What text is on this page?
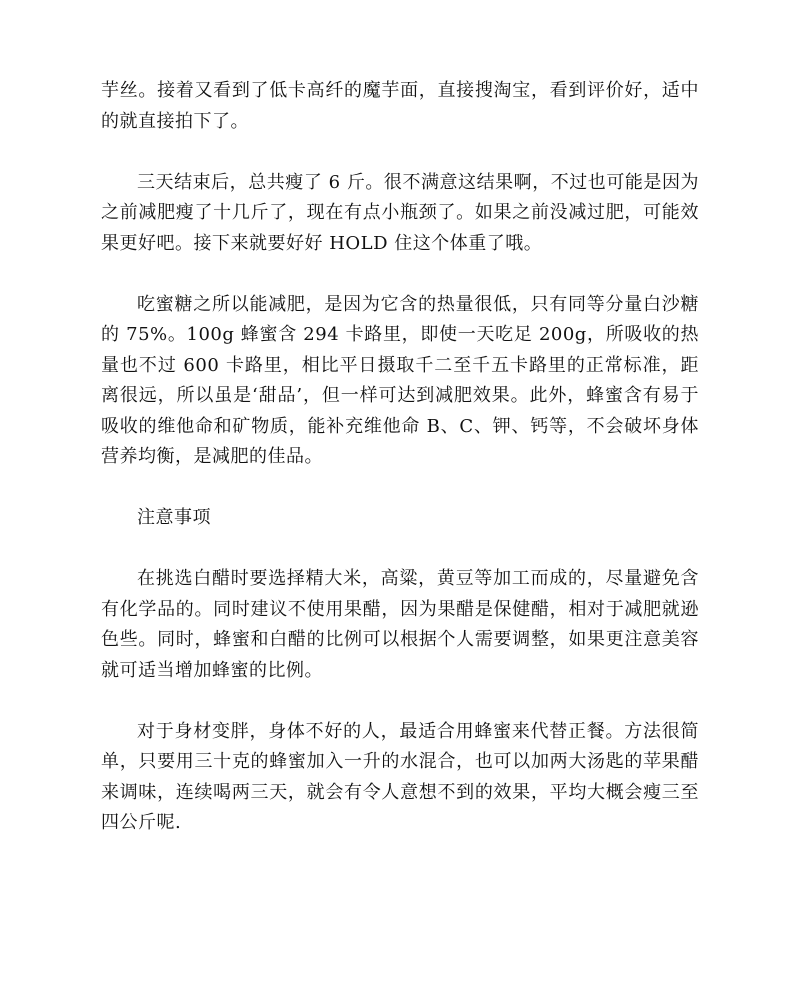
芋丝。接着又看到了低卡高纤的魔芋面，直接搜淘宝，看到评价好，适中的就直接拍下了。

三天结束后，总共瘦了 6 斤。很不满意这结果啊，不过也可能是因为之前减肥瘦了十几斤了，现在有点小瓶颈了。如果之前没减过肥，可能效果更好吧。接下来就要好好 HOLD 住这个体重了哦。

吃蜜糖之所以能减肥，是因为它含的热量很低，只有同等分量白沙糖的 75%。100g 蜂蜜含 294 卡路里，即使一天吃足 200g，所吸收的热量也不过 600 卡路里，相比平日摄取千二至千五卡路里的正常标准，距离很远，所以虽是‘甜品’，但一样可达到减肥效果。此外，蜂蜜含有易于吸收的维他命和矿物质，能补充维他命 B、C、钾、钙等，不会破坏身体营养均衡，是减肥的佳品。

注意事项

在挑选白醋时要选择精大米，高粱，黄豆等加工而成的，尽量避免含有化学品的。同时建议不使用果醋，因为果醋是保健醋，相对于减肥就逊色些。同时，蜂蜜和白醋的比例可以根据个人需要调整，如果更注意美容就可适当增加蜂蜜的比例。

对于身材变胖，身体不好的人，最适合用蜂蜜来代替正餐。方法很简单，只要用三十克的蜂蜜加入一升的水混合，也可以加两大汤匙的苹果醋来调味，连续喝两三天，就会有令人意想不到的效果，平均大概会瘦三至四公斤呢.
